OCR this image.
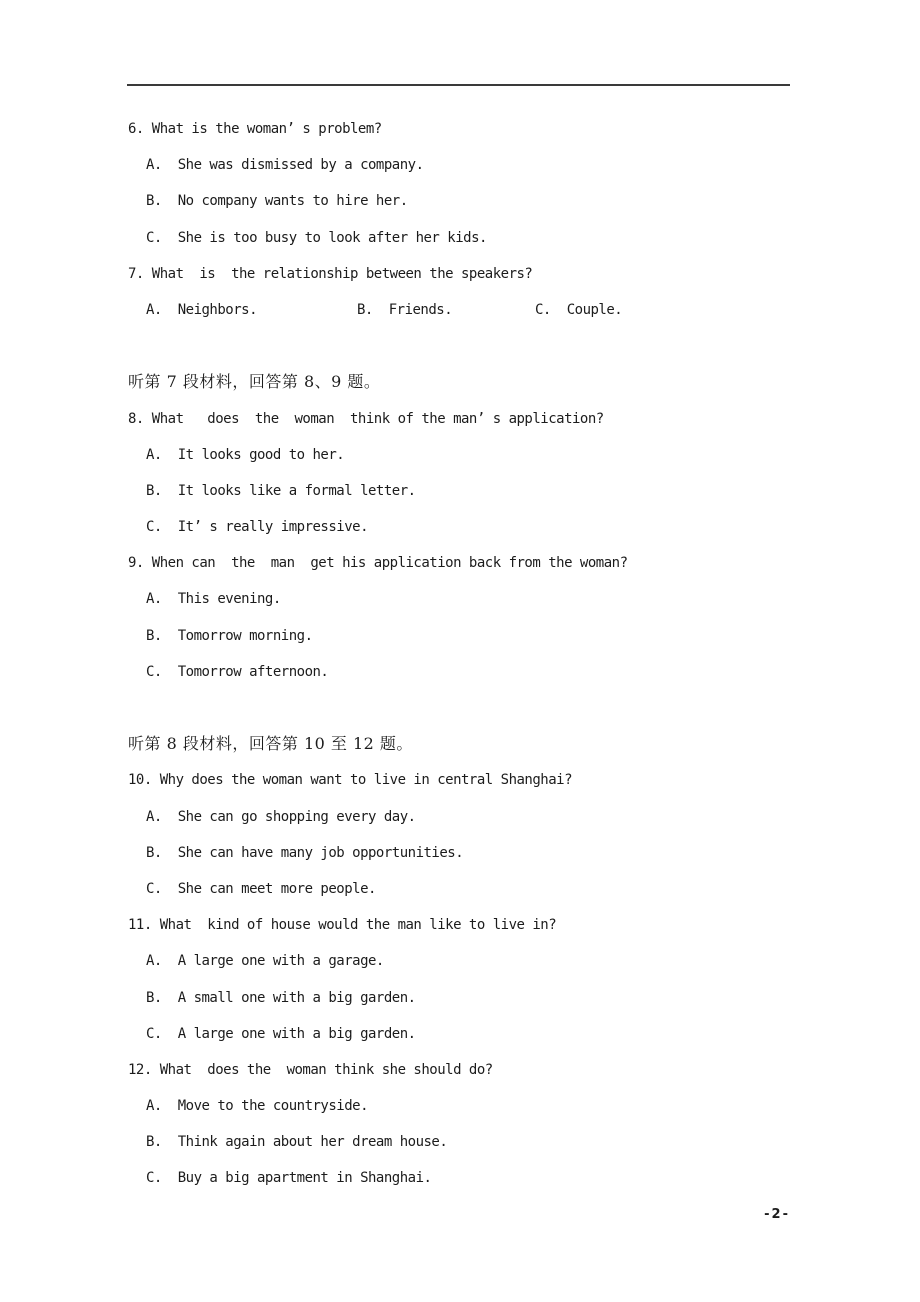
6. What is the woman’ s problem?
A.  She was dismissed by a company.
B.  No company wants to hire her.
C.  She is too busy to look after her kids.
7. What  is  the relationship between the speakers?
A.  Neighbors.	B.  Friends.	C.  Couple.
听第 7 段材料，回答第 8、9 题。
8. What   does  the  woman  think of the man’ s application?
A.  It looks good to her.
B.  It looks like a formal letter.
C.  It’ s really impressive.
9. When can  the  man  get his application back from the woman?
A.  This evening.
B.  Tomorrow morning.
C.  Tomorrow afternoon.
听第 8 段材料，回答第 10 至 12 题。
10. Why does the woman want to live in central Shanghai?
A.  She can go shopping every day.
B.  She can have many job opportunities.
C.  She can meet more people.
11. What  kind of house would the man like to live in?
A.  A large one with a garage.
B.  A small one with a big garden.
C.  A large one with a big garden.
12. What  does the  woman think she should do?
A.  Move to the countryside.
B.  Think again about her dream house.
C.  Buy a big apartment in Shanghai.
-2-
